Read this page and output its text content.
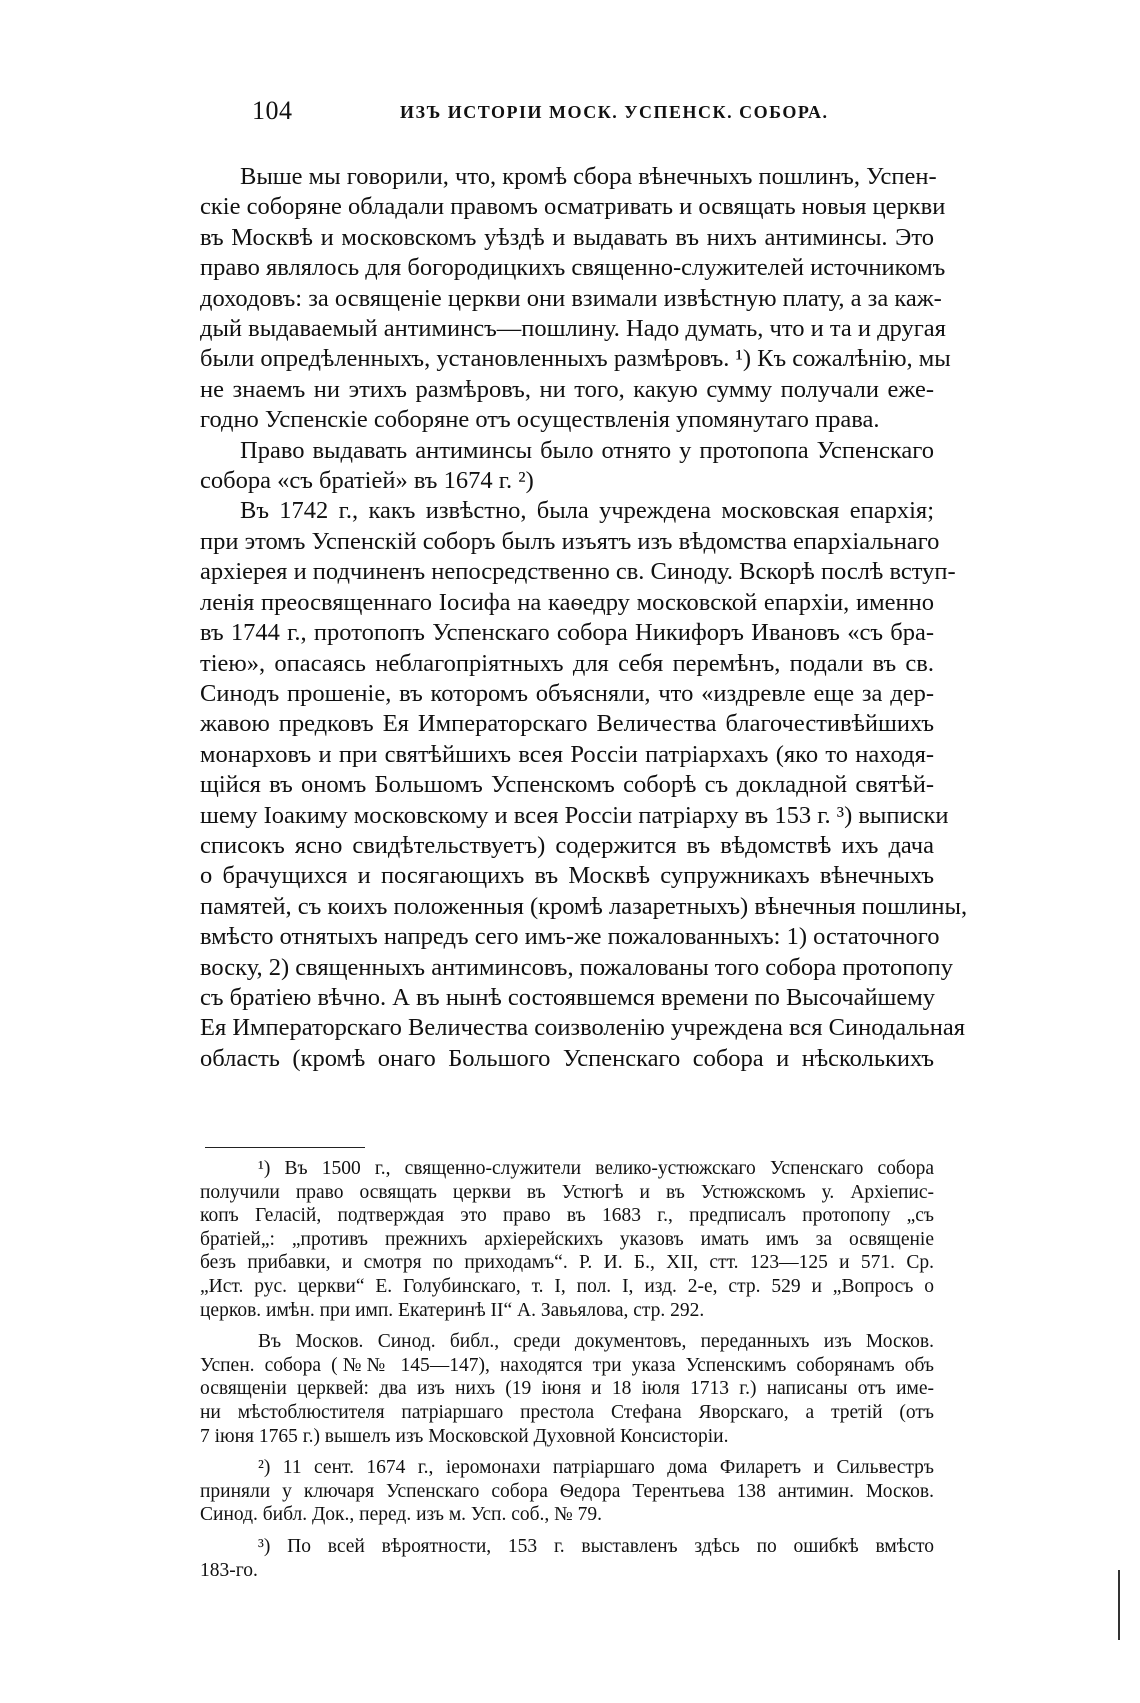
104	ИЗЪ ИСТОРІИ МОСК. УСПЕНСК. СОБОРА.
Выше мы говорили, что, кромѣ сбора вѣнечныхъ пошлинъ, Успен-
скіе соборяне обладали правомъ осматривать и освящать новыя церкви
въ Москвѣ и московскомъ уѣздѣ и выдавать въ нихъ антиминсы. Это
право являлось для богородицкихъ священно-служителей источникомъ
доходовъ: за освященіе церкви они взимали извѣстную плату, а за каж-
дый выдаваемый антиминсъ—пошлину. Надо думать, что и та и другая
были опредѣленныхъ, установленныхъ размѣровъ. ¹) Къ сожалѣнію, мы
не знаемъ ни этихъ размѣровъ, ни того, какую сумму получали еже-
годно Успенскіе соборяне отъ осуществленія упомянутаго права.
Право выдавать антиминсы было отнято у протопопа Успенскаго
собора «съ братіей» въ 1674 г. ²)
Въ 1742 г., какъ извѣстно, была учреждена московская епархія;
при этомъ Успенскій соборъ былъ изъятъ изъ вѣдомства епархіальнаго
архіерея и подчиненъ непосредственно св. Синоду. Вскорѣ послѣ вступ-
ленія преосвященнаго Іосифа на каѳедру московской епархіи, именно
въ 1744 г., протопопъ Успенскаго собора Никифоръ Ивановъ «съ бра-
тіею», опасаясь неблагопріятныхъ для себя перемѣнъ, подали въ св.
Синодъ прошеніе, въ которомъ объясняли, что «издревле еще за дер-
жавою предковъ Ея Императорскаго Величества благочестивѣйшихъ
монарховъ и при святѣйшихъ всея Россіи патріархахъ (яко то находя-
щійся въ ономъ Большомъ Успенскомъ соборѣ съ докладной святѣй-
шему Іоакиму московскому и всея Россіи патріарху въ 153 г. ³) выписки
списокъ ясно свидѣтельствуетъ) содержится въ вѣдомствѣ ихъ дача
о брачущихся и посягающихъ въ Москвѣ супружникахъ вѣнечныхъ
памятей, съ коихъ положенныя (кромѣ лазаретныхъ) вѣнечныя пошлины,
вмѣсто отнятыхъ напредъ сего имъ-же пожалованныхъ: 1) остаточного
воску, 2) священныхъ антиминсовъ, пожалованы того собора протопопу
съ братіею вѣчно. А въ нынѣ состоявшемся времени по Высочайшему
Ея Императорскаго Величества соизволенію учреждена вся Синодальная
область (кромѣ онаго Большого Успенскаго собора и нѣсколькихъ
¹) Въ 1500 г., священно-служители велико-устюжскаго Успенскаго собора
получили право освящать церкви въ Устюгѣ и въ Устюжскомъ у. Архіепис-
копъ Геласій, подтверждая это право въ 1683 г., предписалъ протопопу „съ
братіей„: „противъ прежнихъ архіерейскихъ указовъ имать имъ за освященіе
безъ прибавки, и смотря по приходамъ“. Р. И. Б., XII, стт. 123—125 и 571. Ср.
„Ист. рус. церкви“ Е. Голубинскаго, т. I, пол. I, изд. 2-е, стр. 529 и „Вопросъ о
церков. имѣн. при имп. Екатеринѣ II“ А. Завьялова, стр. 292.
Въ Москов. Синод. библ., среди документовъ, переданныхъ изъ Москов.
Успен. собора (№№ 145—147), находятся три указа Успенскимъ соборянамъ объ
освященіи церквей: два изъ нихъ (19 іюня и 18 іюля 1713 г.) написаны отъ име-
ни мѣстоблюстителя патріаршаго престола Стефана Яворскаго, а третій (отъ
7 іюня 1765 г.) вышелъ изъ Московской Духовной Консисторіи.
²) 11 сент. 1674 г., іеромонахи патріаршаго дома Филаретъ и Сильвестръ
приняли у ключаря Успенскаго собора Ѳедора Терентьева 138 антимин. Москов.
Синод. библ. Док., перед. изъ м. Усп. соб., № 79.
³) По всей вѣроятности, 153 г. выставленъ здѣсь по ошибкѣ вмѣсто
183-го.
